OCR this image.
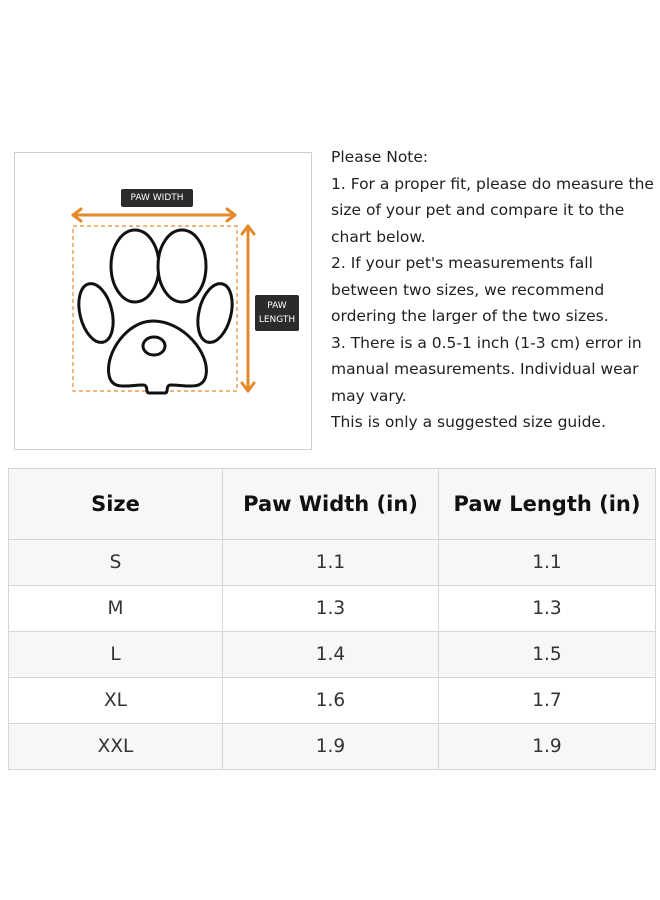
PAW WIDTH
PAW
LENGTH

Please Note:

1. For a proper fit, please do measure the size of your pet and compare it to the chart below.

2. If your pet's measurements fall between two sizes, we recommend ordering the larger of the two sizes.

3. There is a 0.5-1 inch (1-3 cm) error in manual measurements. Individual wear may vary.

This is only a suggested size guide.

Size	Paw Width (in)	Paw Length (in)
S	1.1	1.1
M	1.3	1.3
L	1.4	1.5
XL	1.6	1.7
XXL	1.9	1.9
